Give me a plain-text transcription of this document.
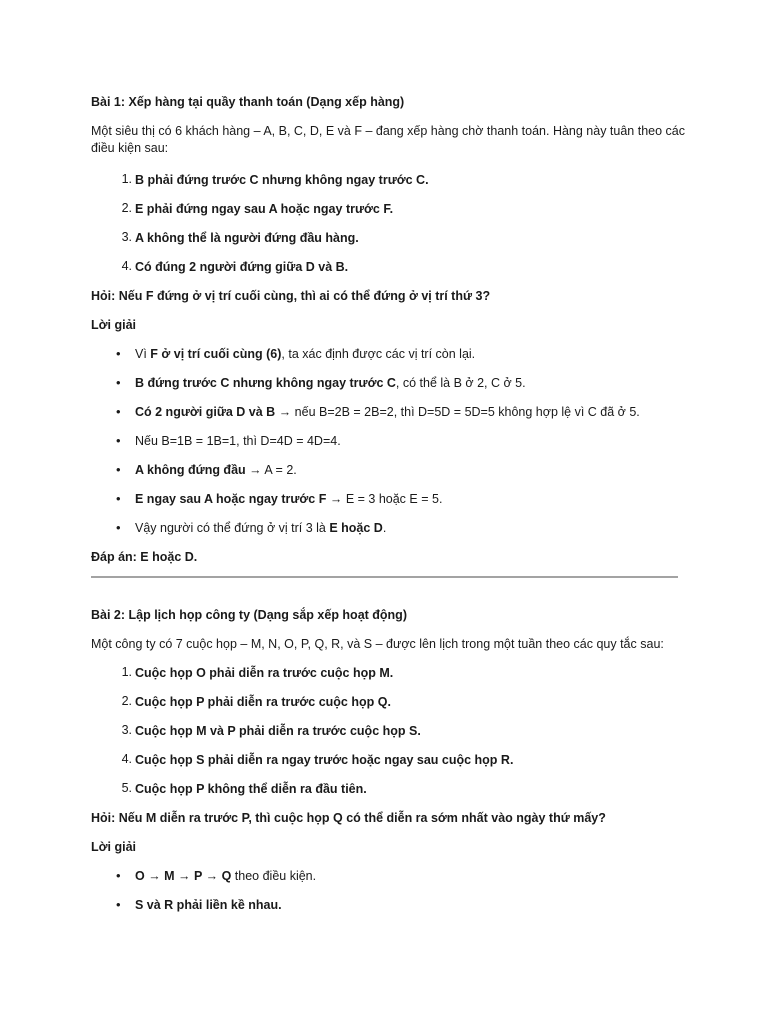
Bài 1: Xếp hàng tại quầy thanh toán (Dạng xếp hàng)

Một siêu thị có 6 khách hàng – A, B, C, D, E và F – đang xếp hàng chờ thanh toán. Hàng này tuân theo các điều kiện sau:

1. B phải đứng trước C nhưng không ngay trước C.
2. E phải đứng ngay sau A hoặc ngay trước F.
3. A không thể là người đứng đầu hàng.
4. Có đúng 2 người đứng giữa D và B.

Hỏi: Nếu F đứng ở vị trí cuối cùng, thì ai có thể đứng ở vị trí thứ 3?

Lời giải

•	Vì F ở vị trí cuối cùng (6), ta xác định được các vị trí còn lại.
•	B đứng trước C nhưng không ngay trước C, có thể là B ở 2, C ở 5.
•	Có 2 người giữa D và B → nếu B=2B = 2B=2, thì D=5D = 5D=5 không hợp lệ vì C đã ở 5.
•	Nếu B=1B = 1B=1, thì D=4D = 4D=4.
•	A không đứng đầu → A = 2.
•	E ngay sau A hoặc ngay trước F → E = 3 hoặc E = 5.
•	Vậy người có thể đứng ở vị trí 3 là E hoặc D.

Đáp án: E hoặc D.

Bài 2: Lập lịch họp công ty (Dạng sắp xếp hoạt động)

Một công ty có 7 cuộc họp – M, N, O, P, Q, R, và S – được lên lịch trong một tuần theo các quy tắc sau:

1. Cuộc họp O phải diễn ra trước cuộc họp M.
2. Cuộc họp P phải diễn ra trước cuộc họp Q.
3. Cuộc họp M và P phải diễn ra trước cuộc họp S.
4. Cuộc họp S phải diễn ra ngay trước hoặc ngay sau cuộc họp R.
5. Cuộc họp P không thể diễn ra đầu tiên.

Hỏi: Nếu M diễn ra trước P, thì cuộc họp Q có thể diễn ra sớm nhất vào ngày thứ mấy?

Lời giải

•	O → M → P → Q theo điều kiện.
•	S và R phải liền kề nhau.
